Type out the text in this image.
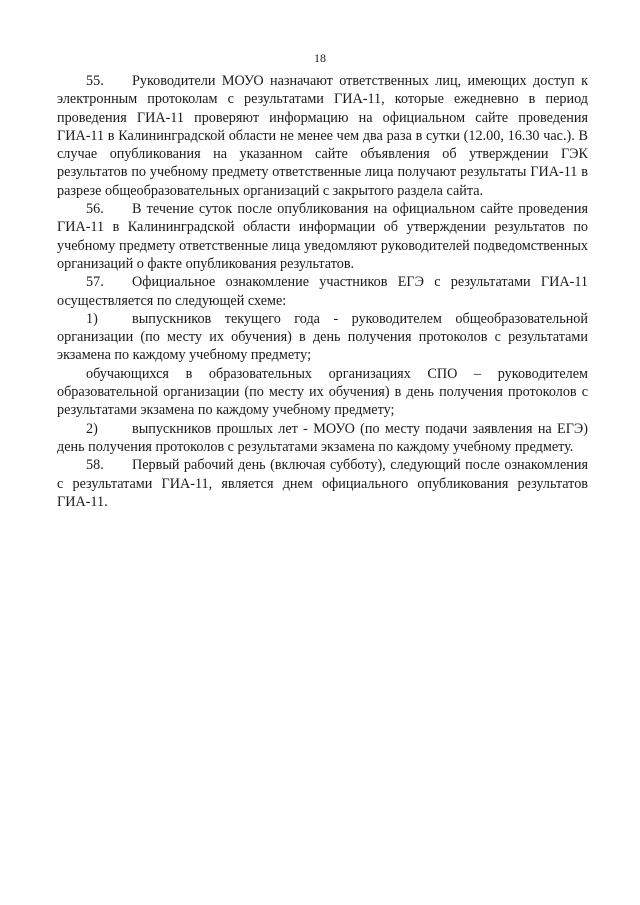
18

55. Руководители МОУО назначают ответственных лиц, имеющих доступ к электронным протоколам с результатами ГИА-11, которые ежедневно в период проведения ГИА-11 проверяют информацию на официальном сайте проведения ГИА-11 в Калининградской области не менее чем два раза в сутки (12.00, 16.30 час.). В случае опубликования на указанном сайте объявления об утверждении ГЭК результатов по учебному предмету ответственные лица получают результаты ГИА-11 в разрезе общеобразовательных организаций с закрытого раздела сайта.

56. В течение суток после опубликования на официальном сайте проведения ГИА-11 в Калининградской области информации об утверждении результатов по учебному предмету ответственные лица уведомляют руководителей подведомственных организаций о факте опубликования результатов.

57. Официальное ознакомление участников ЕГЭ с результатами ГИА-11 осуществляется по следующей схеме:

1) выпускников текущего года - руководителем общеобразовательной организации (по месту их обучения) в день получения протоколов с результатами экзамена по каждому учебному предмету;

обучающихся в образовательных организациях СПО – руководителем образовательной организации (по месту их обучения) в день получения протоколов с результатами экзамена по каждому учебному предмету;

2) выпускников прошлых лет - МОУО (по месту подачи заявления на ЕГЭ) день получения протоколов с результатами экзамена по каждому учебному предмету.

58. Первый рабочий день (включая субботу), следующий после ознакомления с результатами ГИА-11, является днем официального опубликования результатов ГИА-11.
